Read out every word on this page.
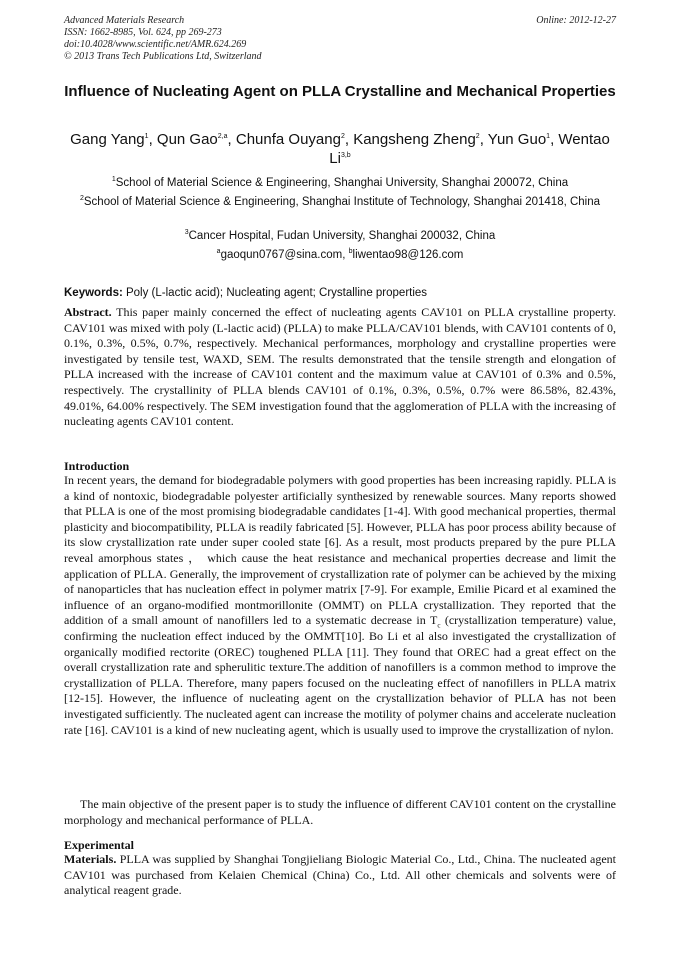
Advanced Materials Research
ISSN: 1662-8985, Vol. 624, pp 269-273
doi:10.4028/www.scientific.net/AMR.624.269
© 2013 Trans Tech Publications Ltd, Switzerland
Online: 2012-12-27
Influence of Nucleating Agent on PLLA Crystalline and Mechanical Properties
Gang Yang$^1$, Qun Gao$^{2,a}$, Chunfa Ouyang$^2$, Kangsheng Zheng$^2$, Yun Guo$^1$, Wentao Li$^{3,b}$
$^1$School of Material Science & Engineering, Shanghai University, Shanghai 200072, China
$^2$School of Material Science & Engineering, Shanghai Institute of Technology, Shanghai 201418, China
$^3$Cancer Hospital, Fudan University, Shanghai 200032, China
$^a$gaoqun0767@sina.com, $^b$liwentao98@126.com
Keywords: Poly (L-lactic acid); Nucleating agent; Crystalline properties
Abstract. This paper mainly concerned the effect of nucleating agents CAV101 on PLLA crystalline property. CAV101 was mixed with poly (L-lactic acid) (PLLA) to make PLLA/CAV101 blends, with CAV101 contents of 0, 0.1%, 0.3%, 0.5%, 0.7%, respectively. Mechanical performances, morphology and crystalline properties were investigated by tensile test, WAXD, SEM. The results demonstrated that the tensile strength and elongation of PLLA increased with the increase of CAV101 content and the maximum value at CAV101 of 0.3% and 0.5%, respectively. The crystallinity of PLLA blends CAV101 of 0.1%, 0.3%, 0.5%, 0.7% were 86.58%, 82.43%, 49.01%, 64.00% respectively. The SEM investigation found that the agglomeration of PLLA with the increasing of nucleating agents CAV101 content.
Introduction
In recent years, the demand for biodegradable polymers with good properties has been increasing rapidly. PLLA is a kind of nontoxic, biodegradable polyester artificially synthesized by renewable sources. Many reports showed that PLLA is one of the most promising biodegradable candidates [1-4]. With good mechanical properties, thermal plasticity and biocompatibility, PLLA is readily fabricated [5]. However, PLLA has poor process ability because of its slow crystallization rate under super cooled state [6]. As a result, most products prepared by the pure PLLA reveal amorphous states ， which cause the heat resistance and mechanical properties decrease and limit the application of PLLA. Generally, the improvement of crystallization rate of polymer can be achieved by the mixing of nanoparticles that has nucleation effect in polymer matrix [7-9]. For example, Emilie Picard et al examined the influence of an organo-modified montmorillonite (OMMT) on PLLA crystallization. They reported that the addition of a small amount of nanofillers led to a systematic decrease in $T_c$ (crystallization temperature) value, confirming the nucleation effect induced by the OMMT[10]. Bo Li et al also investigated the crystallization of organically modified rectorite (OREC) toughened PLLA [11]. They found that OREC had a great effect on the overall crystallization rate and spherulitic texture.The addition of nanofillers is a common method to improve the crystallization of PLLA. Therefore, many papers focused on the nucleating effect of nanofillers in PLLA matrix [12-15]. However, the influence of nucleating agent on the crystallization behavior of PLLA has not been investigated sufficiently. The nucleated agent can increase the motility of polymer chains and accelerate nucleation rate [16]. CAV101 is a kind of new nucleating agent, which is usually used to improve the crystallization of nylon.
The main objective of the present paper is to study the influence of different CAV101 content on the crystalline morphology and mechanical performance of PLLA.
Experimental
Materials. PLLA was supplied by Shanghai Tongjieliang Biologic Material Co., Ltd., China. The nucleated agent CAV101 was purchased from Kelaien Chemical (China) Co., Ltd. All other chemicals and solvents were of analytical reagent grade.
